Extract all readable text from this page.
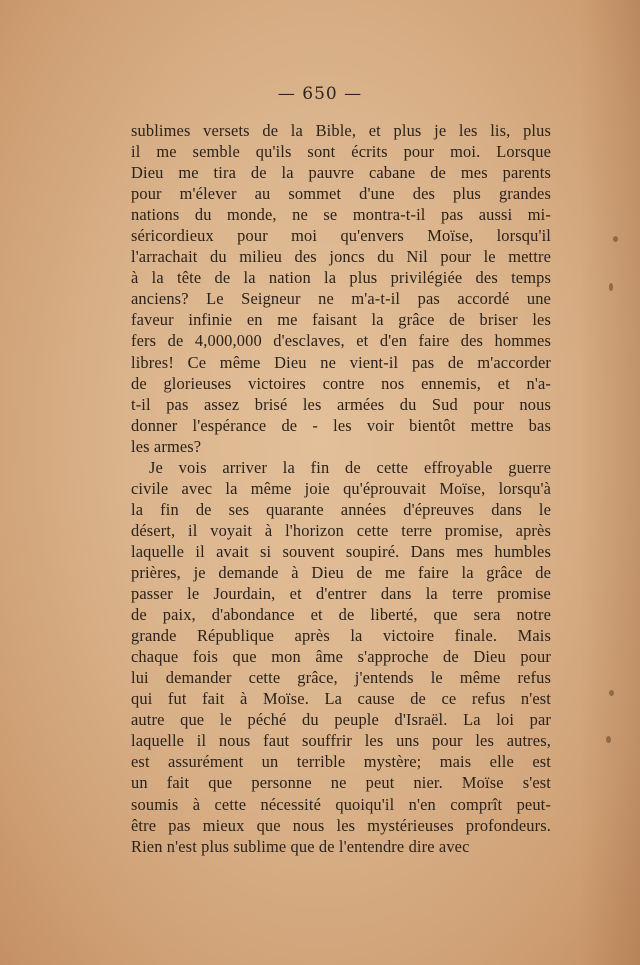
— 650 —
sublimes versets de la Bible, et plus je les lis, plus
il me semble qu'ils sont écrits pour moi. Lorsque
Dieu me tira de la pauvre cabane de mes parents
pour m'élever au sommet d'une des plus grandes
nations du monde, ne se montra-t-il pas aussi mi-
séricordieux pour moi qu'envers Moïse, lorsqu'il
l'arrachait du milieu des joncs du Nil pour le mettre
à la tête de la nation la plus privilégiée des temps
anciens? Le Seigneur ne m'a-t-il pas accordé une
faveur infinie en me faisant la grâce de briser les
fers de 4,000,000 d'esclaves, et d'en faire des hommes
libres! Ce même Dieu ne vient-il pas de m'accorder
de glorieuses victoires contre nos ennemis, et n'a-
t-il pas assez brisé les armées du Sud pour nous
donner l'espérance de - les voir bientôt mettre bas
les armes?
Je vois arriver la fin de cette effroyable guerre
civile avec la même joie qu'éprouvait Moïse, lorsqu'à
la fin de ses quarante années d'épreuves dans le
désert, il voyait à l'horizon cette terre promise, après
laquelle il avait si souvent soupiré. Dans mes humbles
prières, je demande à Dieu de me faire la grâce de
passer le Jourdain, et d'entrer dans la terre promise
de paix, d'abondance et de liberté, que sera notre
grande République après la victoire finale. Mais
chaque fois que mon âme s'approche de Dieu pour
lui demander cette grâce, j'entends le même refus
qui fut fait à Moïse. La cause de ce refus n'est
autre que le péché du peuple d'Israël. La loi par
laquelle il nous faut souffrir les uns pour les autres,
est assurément un terrible mystère; mais elle est
un fait que personne ne peut nier. Moïse s'est
soumis à cette nécessité quoiqu'il n'en comprît peut-
être pas mieux que nous les mystérieuses profondeurs.
Rien n'est plus sublime que de l'entendre dire avec
